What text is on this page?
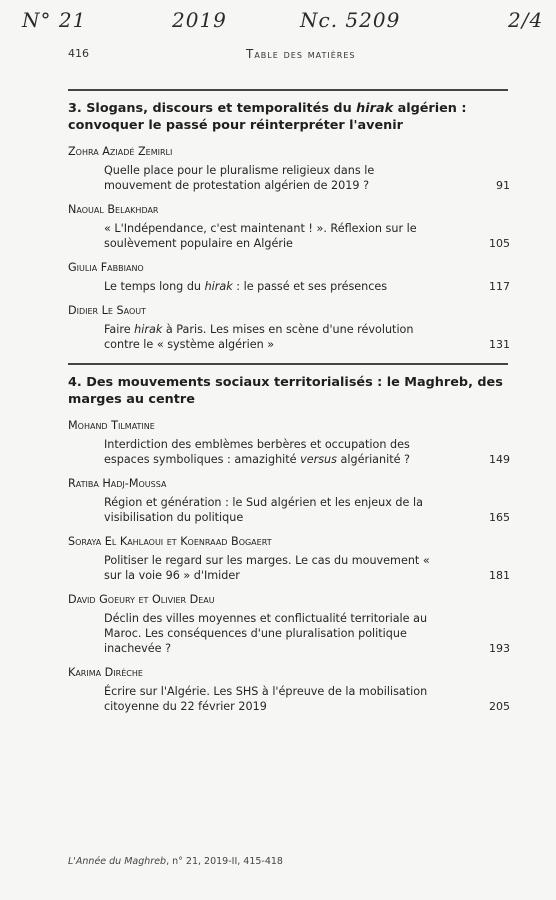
N° 21	2019	Nc. 5209	2/4
416	Table des matières
3. Slogans, discours et temporalités du hirak algérien : convoquer le passé pour réinterpréter l'avenir
Zohra Aziadé Zemirli
Quelle place pour le pluralisme religieux dans le mouvement de protestation algérien de 2019 ?	91
Naoual Belakhdar
« L'Indépendance, c'est maintenant ! ». Réflexion sur le soulèvement populaire en Algérie	105
Giulia Fabbiano
Le temps long du hirak : le passé et ses présences	117
Didier Le Saout
Faire hirak à Paris. Les mises en scène d'une révolution contre le « système algérien »	131
4. Des mouvements sociaux territorialisés : le Maghreb, des marges au centre
Mohand Tilmatine
Interdiction des emblèmes berbères et occupation des espaces symboliques : amazighité versus algérianité ?	149
Ratiba Hadj-Moussa
Région et génération : le Sud algérien et les enjeux de la visibilisation du politique	165
Soraya El Kahlaoui et Koenraad Bogaert
Politiser le regard sur les marges. Le cas du mouvement « sur la voie 96 » d'Imider	181
David Goeury et Olivier Deau
Déclin des villes moyennes et conflictualité territoriale au Maroc. Les conséquences d'une pluralisation politique inachevée ?	193
Karima Dirèche
Écrire sur l'Algérie. Les SHS à l'épreuve de la mobilisation citoyenne du 22 février 2019	205
L'Année du Maghreb, n° 21, 2019-II, 415-418
